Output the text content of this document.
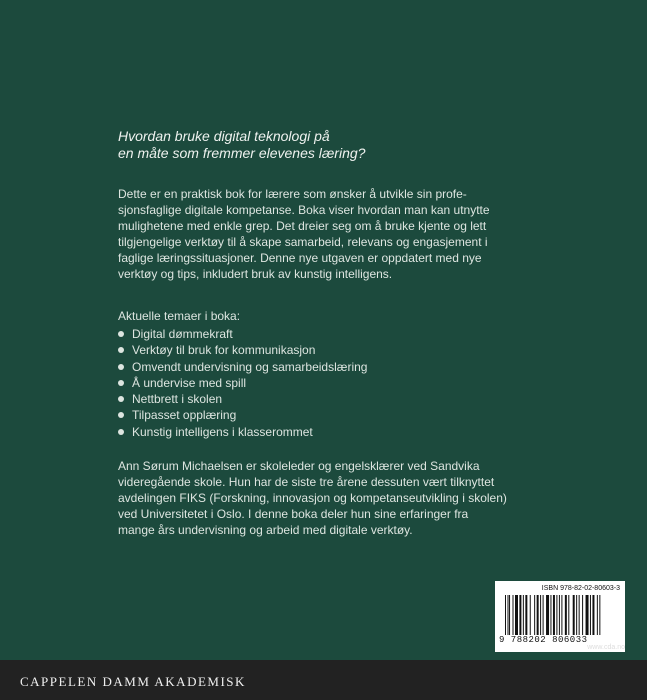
Hvordan bruke digital teknologi på
en måte som fremmer elevenes læring?

Dette er en praktisk bok for lærere som ønsker å utvikle sin profe-
sjonsfaglige digitale kompetanse. Boka viser hvordan man kan utnytte
mulighetene med enkle grep. Det dreier seg om å bruke kjente og lett
tilgjengelige verktøy til å skape samarbeid, relevans og engasjement i
faglige læringssituasjoner. Denne nye utgaven er oppdatert med nye
verktøy og tips, inkludert bruk av kunstig intelligens.

Aktuelle temaer i boka:

Digital dømmekraft
Verktøy til bruk for kommunikasjon
Omvendt undervisning og samarbeidslæring
Å undervise med spill
Nettbrett i skolen
Tilpasset opplæring
Kunstig intelligens i klasserommet

Ann Sørum Michaelsen er skoleleder og engelsklærer ved Sandvika
videregående skole. Hun har de siste tre årene dessuten vært tilknyttet
avdelingen FIKS (Forskning, innovasjon og kompetanseutvikling i skolen)
ved Universitetet i Oslo. I denne boka deler hun sine erfaringer fra
mange års undervisning og arbeid med digitale verktøy.

ISBN 978-82-02-80603-3
9 788202 806033
www.cda.no
CAPPELEN DAMM AKADEMISK
